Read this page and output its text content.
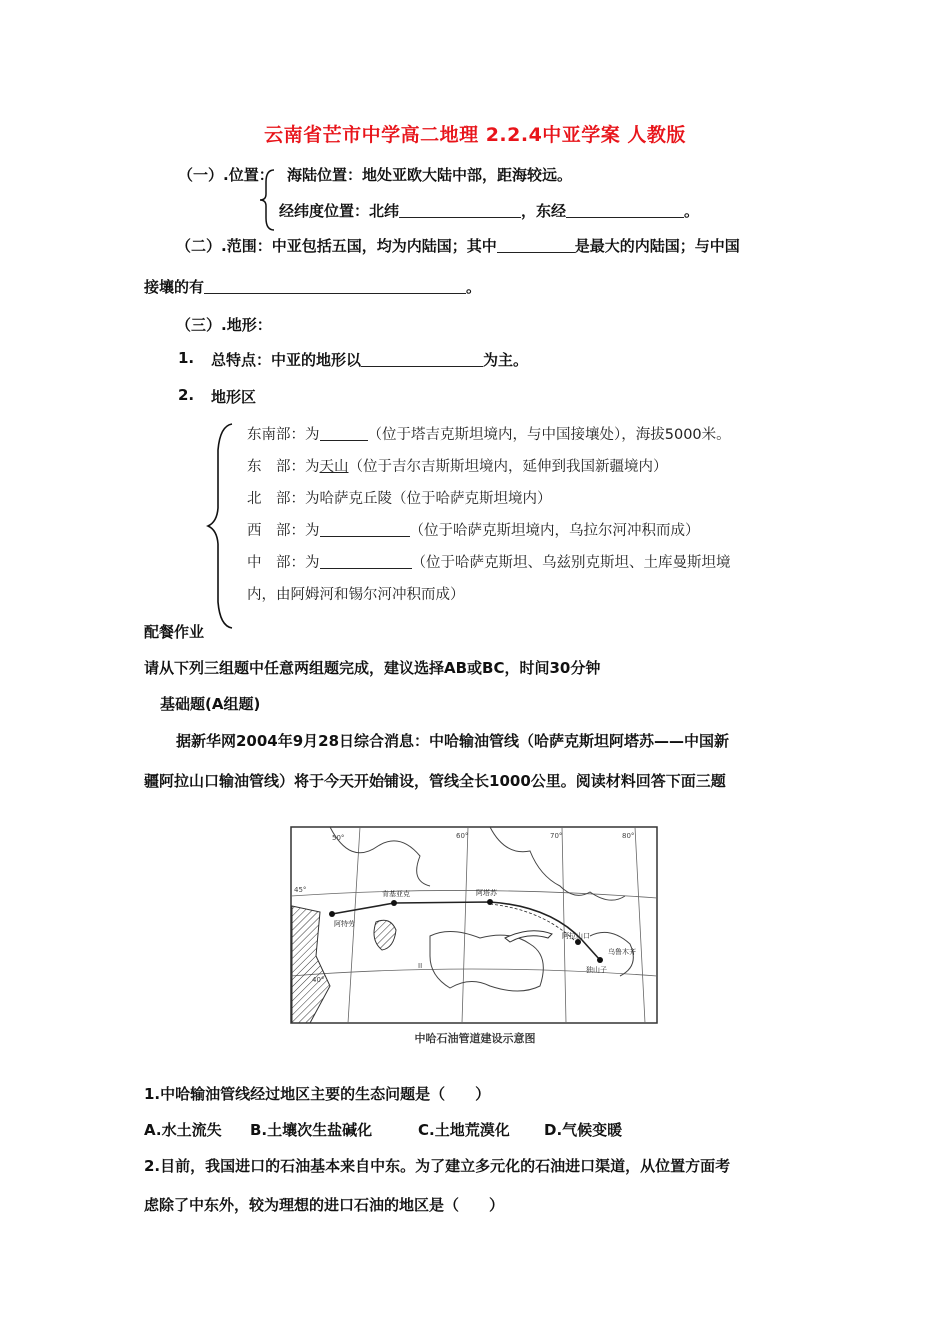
云南省芒市中学高二地理 2.2.4中亚学案 人教版
（一）.位置： 海陆位置：地处亚欧大陆中部，距海较远。
经纬度位置：北纬	，东经	。
（二）.范围：中亚包括五国，均为内陆国；其中	是最大的内陆国；与中国
接壤的有	。
（三）.地形：
1. 总特点：中亚的地形以	为主。
2. 地形区
东南部：为	（位于塔吉克斯坦境内，与中国接壤处），海拔5000米。
东　部：为天山（位于吉尔吉斯斯坦境内，延伸到我国新疆境内）
北　部：为哈萨克丘陵（位于哈萨克斯坦境内）
西　部：为	（位于哈萨克斯坦境内，乌拉尔河冲积而成）
中　部：为	（位于哈萨克斯坦、乌兹别克斯坦、土库曼斯坦境
内，由阿姆河和锡尔河冲积而成）
配餐作业
请从下列三组题中任意两组题完成，建议选择AB或BC，时间30分钟
基础题(A组题)
据新华网2004年9月28日综合消息：中哈输油管线（哈萨克斯坦阿塔苏——中国新
疆阿拉山口输油管线）将于今天开始铺设，管线全长1000公里。阅读材料回答下面三题
阿特劳
肯基亚克	阿塔苏
阿拉山口
独山子
乌鲁木齐
50°	60°	70°	80°
40°
45°
II
中哈石油管道建设示意图
1.中哈输油管线经过地区主要的生态问题是（　　）
A.水土流失 B.土壤次生盐碱化	C.土地荒漠化 D.气候变暖
2.目前，我国进口的石油基本来自中东。为了建立多元化的石油进口渠道，从位置方面考
虑除了中东外，较为理想的进口石油的地区是（　　）
